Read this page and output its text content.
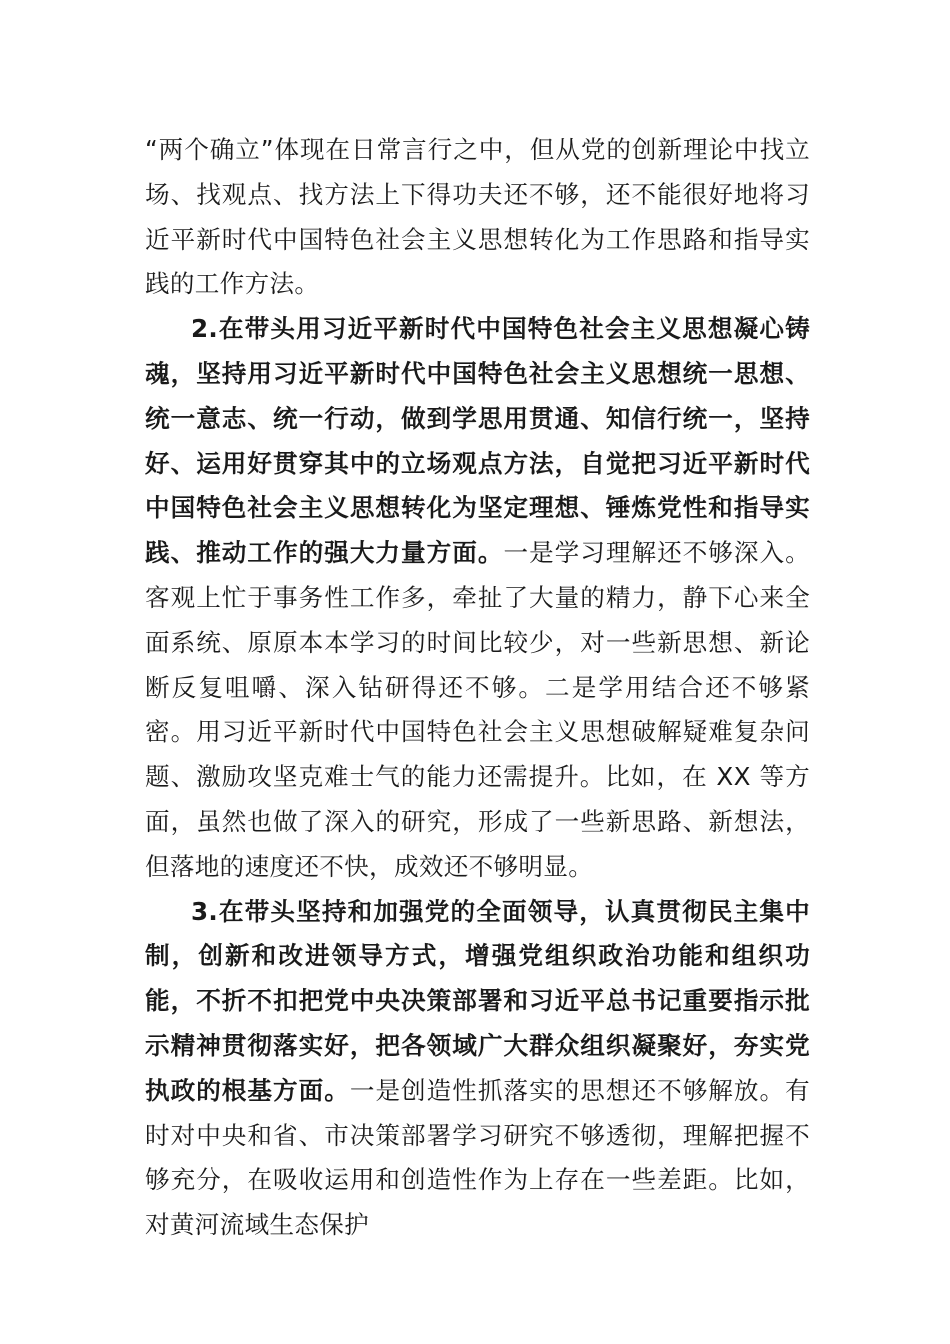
“两个确立”体现在日常言行之中，但从党的创新理论中找立场、找观点、找方法上下得功夫还不够，还不能很好地将习近平新时代中国特色社会主义思想转化为工作思路和指导实践的工作方法。

2.在带头用习近平新时代中国特色社会主义思想凝心铸魂，坚持用习近平新时代中国特色社会主义思想统一思想、统一意志、统一行动，做到学思用贯通、知信行统一，坚持好、运用好贯穿其中的立场观点方法，自觉把习近平新时代中国特色社会主义思想转化为坚定理想、锤炼党性和指导实践、推动工作的强大力量方面。一是学习理解还不够深入。客观上忙于事务性工作多，牵扯了大量的精力，静下心来全面系统、原原本本学习的时间比较少，对一些新思想、新论断反复咀嚼、深入钻研得还不够。二是学用结合还不够紧密。用习近平新时代中国特色社会主义思想破解疑难复杂问题、激励攻坚克难士气的能力还需提升。比如，在 XX 等方面，虽然也做了深入的研究，形成了一些新思路、新想法，但落地的速度还不快，成效还不够明显。

3.在带头坚持和加强党的全面领导，认真贯彻民主集中制，创新和改进领导方式，增强党组织政治功能和组织功能，不折不扣把党中央决策部署和习近平总书记重要指示批示精神贯彻落实好，把各领域广大群众组织凝聚好，夯实党执政的根基方面。一是创造性抓落实的思想还不够解放。有时对中央和省、市决策部署学习研究不够透彻，理解把握不够充分，在吸收运用和创造性作为上存在一些差距。比如，对黄河流域生态保护
